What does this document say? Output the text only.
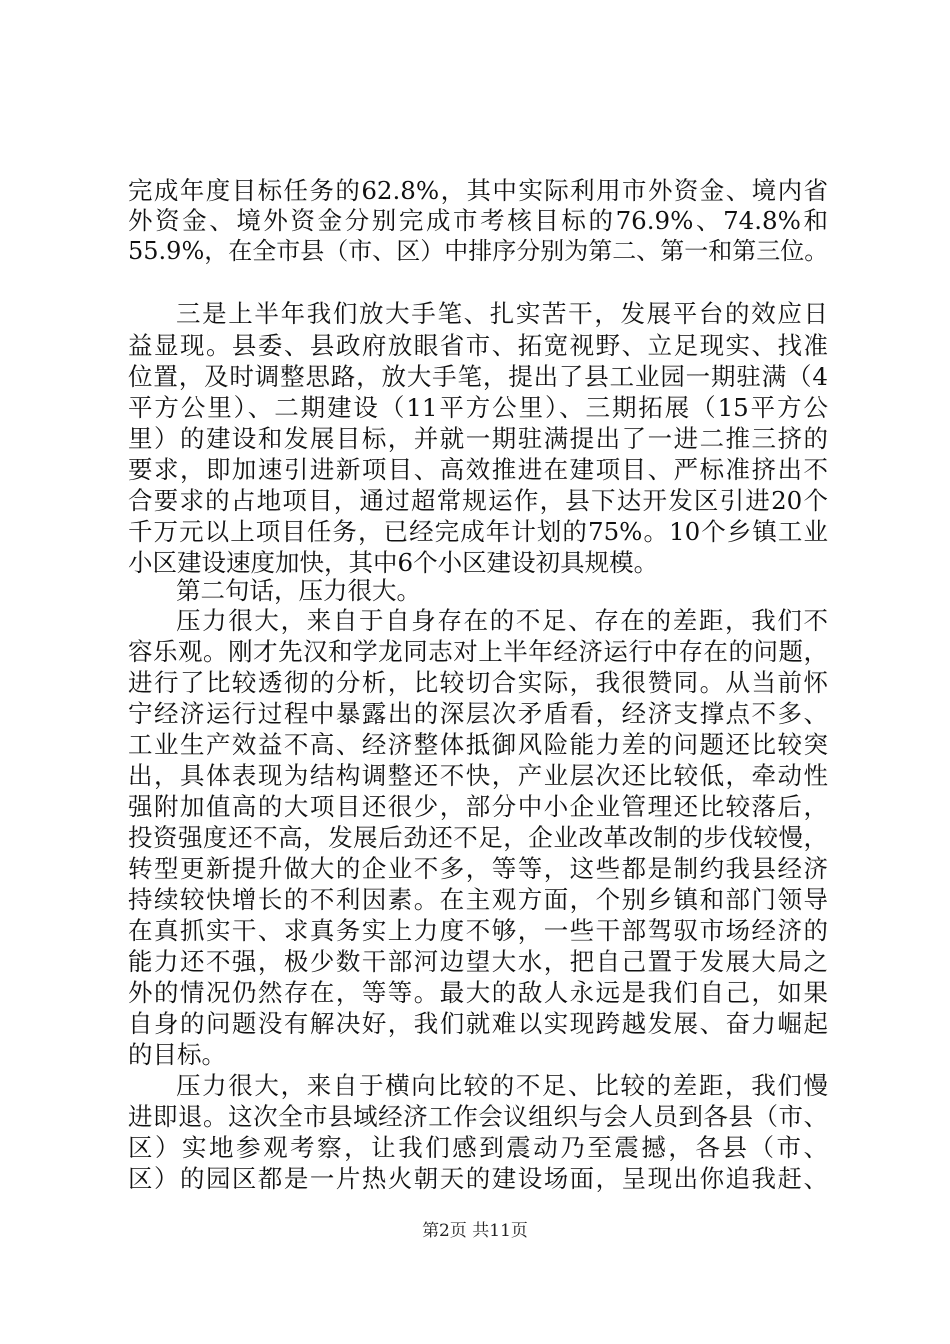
完成年度目标任务的62.8%，其中实际利用市外资金、境内省

外资金、境外资金分别完成市考核目标的76.9%、74.8%和

55.9%，在全市县（市、区）中排序分别为第二、第一和第三位。

三是上半年我们放大手笔、扎实苦干，发展平台的效应日

益显现。县委、县政府放眼省市、拓宽视野、立足现实、找准

位置，及时调整思路，放大手笔，提出了县工业园一期驻满（4

平方公里）、二期建设（11平方公里）、三期拓展（15平方公

里）的建设和发展目标，并就一期驻满提出了一进二推三挤的

要求，即加速引进新项目、高效推进在建项目、严标准挤出不

合要求的占地项目，通过超常规运作，县下达开发区引进20个

千万元以上项目任务，已经完成年计划的75%。10个乡镇工业

小区建设速度加快，其中6个小区建设初具规模。

第二句话，压力很大。

压力很大，来自于自身存在的不足、存在的差距，我们不

容乐观。刚才先汉和学龙同志对上半年经济运行中存在的问题，

进行了比较透彻的分析，比较切合实际，我很赞同。从当前怀

宁经济运行过程中暴露出的深层次矛盾看，经济支撑点不多、

工业生产效益不高、经济整体抵御风险能力差的问题还比较突

出，具体表现为结构调整还不快，产业层次还比较低，牵动性

强附加值高的大项目还很少，部分中小企业管理还比较落后，

投资强度还不高，发展后劲还不足，企业改革改制的步伐较慢，

转型更新提升做大的企业不多，等等，这些都是制约我县经济

持续较快增长的不利因素。在主观方面，个别乡镇和部门领导

在真抓实干、求真务实上力度不够，一些干部驾驭市场经济的

能力还不强，极少数干部河边望大水，把自己置于发展大局之

外的情况仍然存在，等等。最大的敌人永远是我们自己，如果

自身的问题没有解决好，我们就难以实现跨越发展、奋力崛起

的目标。

压力很大，来自于横向比较的不足、比较的差距，我们慢

进即退。这次全市县域经济工作会议组织与会人员到各县（市、

区）实地参观考察，让我们感到震动乃至震撼，各县（市、

区）的园区都是一片热火朝天的建设场面，呈现出你追我赶、

第2页 共11页
